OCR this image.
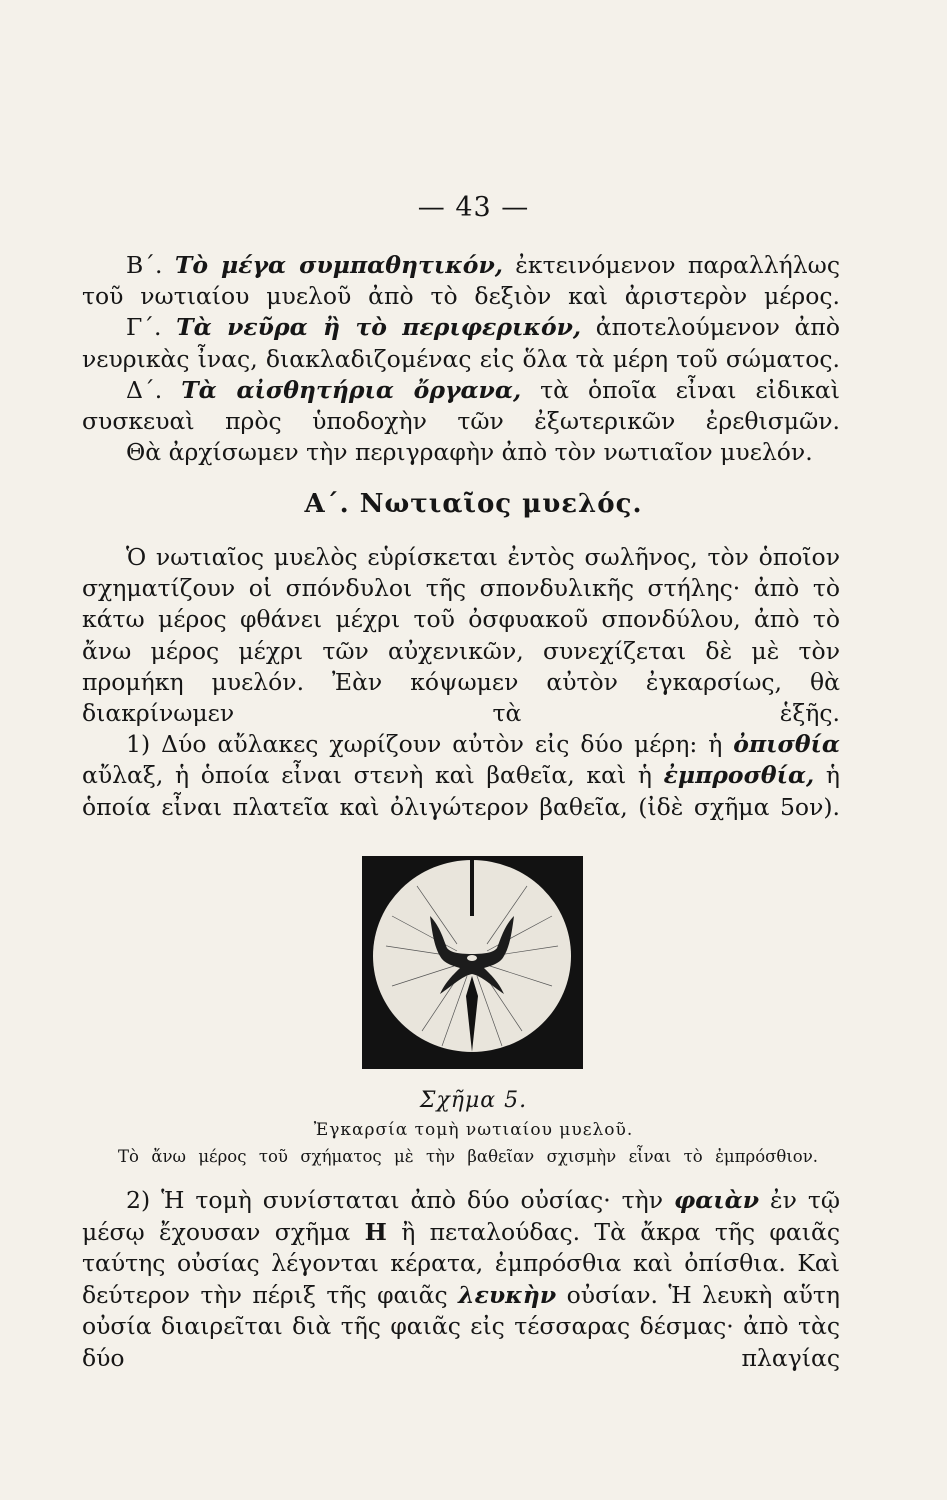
— 43 —

Β΄. Τὸ μέγα συμπαθητικόν, ἐκτεινόμενον παραλλήλως τοῦ νωτιαίου μυελοῦ ἀπὸ τὸ δεξιὸν καὶ ἀριστερὸν μέρος.

Γ΄. Τὰ νεῦρα ἢ τὸ περιφερικόν, ἀποτελούμενον ἀπὸ νευρικὰς ἶνας, διακλαδιζομένας εἰς ὅλα τὰ μέρη τοῦ σώματος.

Δ΄. Τὰ αἰσθητήρια ὄργανα, τὰ ὁποῖα εἶναι εἰδικαὶ συσκευαὶ πρὸς ὑποδοχὴν τῶν ἐξωτερικῶν ἐρεθισμῶν.

Θὰ ἀρχίσωμεν τὴν περιγραφὴν ἀπὸ τὸν νωτιαῖον μυελόν.

Α΄. Νωτιαῖος μυελός.

Ὁ νωτιαῖος μυελὸς εὑρίσκεται ἐντὸς σωλῆνος, τὸν ὁποῖον σχηματίζουν οἱ σπόνδυλοι τῆς σπονδυλικῆς στήλης· ἀπὸ τὸ κάτω μέρος φθάνει μέχρι τοῦ ὀσφυακοῦ σπονδύλου, ἀπὸ τὸ ἄνω μέρος μέχρι τῶν αὐχενικῶν, συνεχίζεται δὲ μὲ τὸν προμήκη μυελόν. Ἐὰν κόψωμεν αὐτὸν ἐγκαρσίως, θὰ διακρίνωμεν τὰ ἑξῆς.

1) Δύο αὔλακες χωρίζουν αὐτὸν εἰς δύο μέρη: ἡ ὀπισθία αὔλαξ, ἡ ὁποία εἶναι στενὴ καὶ βαθεῖα, καὶ ἡ ἐμπροσθία, ἡ ὁποία εἶναι πλατεῖα καὶ ὀλιγώτερον βαθεῖα, (ἰδὲ σχῆμα 5ον).

Σχῆμα 5.
Ἐγκαρσία τομὴ νωτιαίου μυελοῦ.
Τὸ ἄνω μέρος τοῦ σχήματος μὲ τὴν βαθεῖαν σχισμὴν εἶναι τὸ ἐμπρόσθιον.

2) Ἡ τομὴ συνίσταται ἀπὸ δύο οὐσίας· τὴν φαιὰν ἐν τῷ μέσῳ ἔχουσαν σχῆμα Η ἢ πεταλούδας. Τὰ ἄκρα τῆς φαιᾶς ταύτης οὐσίας λέγονται κέρατα, ἐμπρόσθια καὶ ὀπίσθια. Καὶ δεύτερον τὴν πέριξ τῆς φαιᾶς λευκὴν οὐσίαν. Ἡ λευκὴ αὕτη οὐσία διαιρεῖται διὰ τῆς φαιᾶς εἰς τέσσαρας δέσμας· ἀπὸ τὰς δύο πλαγίας
